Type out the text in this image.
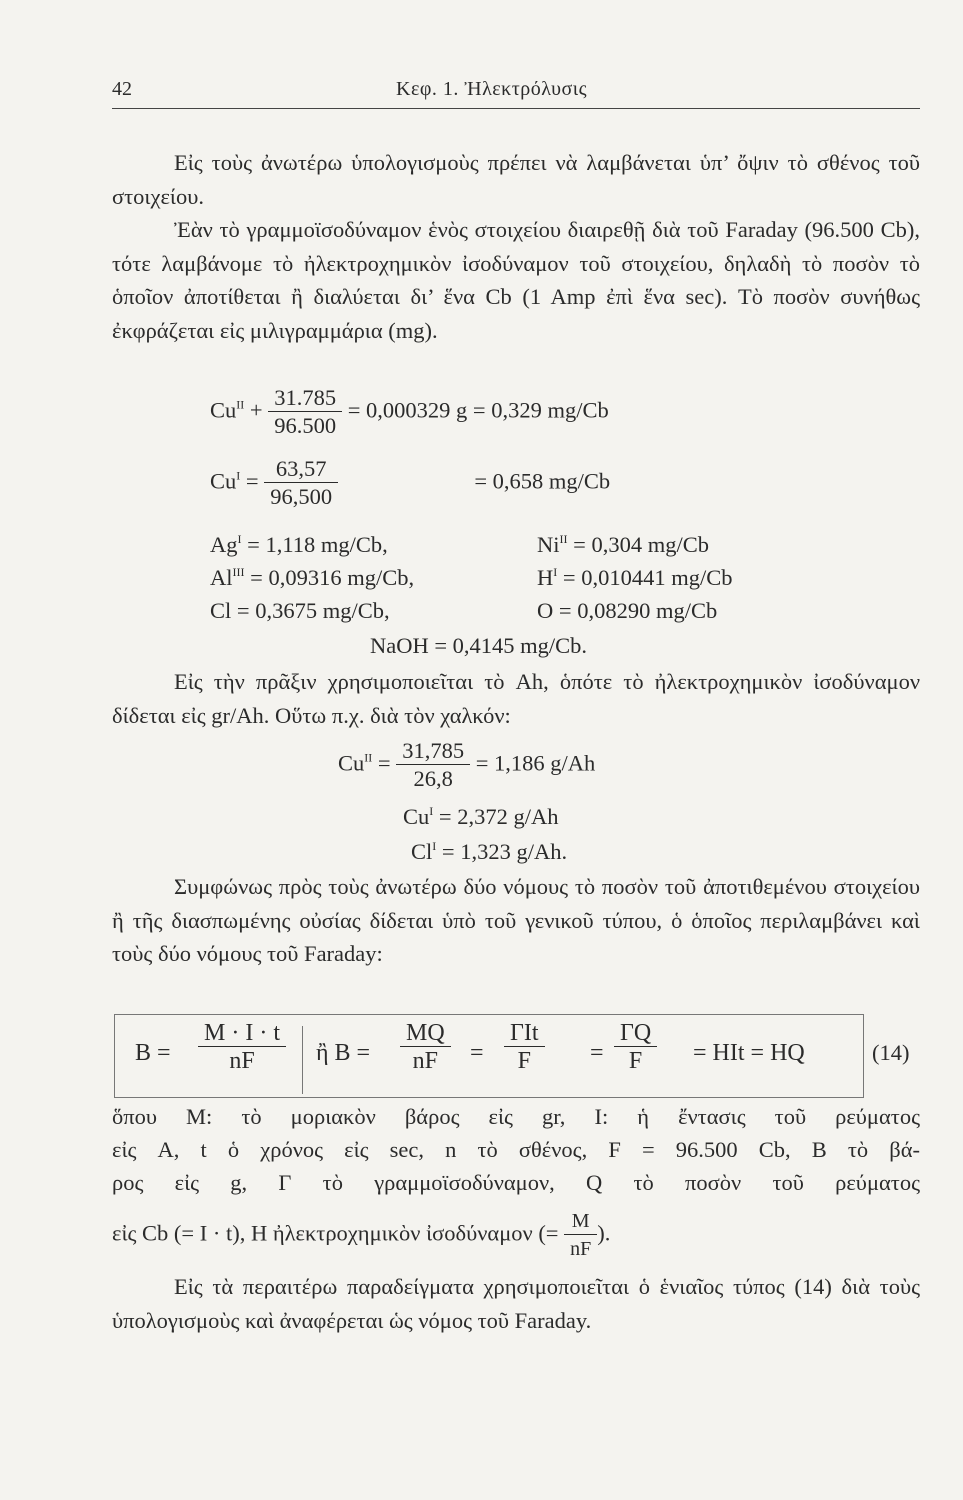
42	Κεφ. 1. Ἠλεκτρόλυσις

Εἰς τοὺς ἀνωτέρω ὑπολογισμοὺς πρέπει νὰ λαμβάνεται ὑπ’ ὄψιν τὸ σθένος τοῦ στοιχείου.

Ἐὰν τὸ γραμμοϊσοδύναμον ἑνὸς στοιχείου διαιρεθῇ διὰ τοῦ Faraday (96.500 Cb), τότε λαμβάνομε τὸ ἠλεκτροχημικὸν ἰσοδύναμον τοῦ στοιχείου, δηλαδὴ τὸ ποσὸν τὸ ὁποῖον ἀποτίθεται ἢ διαλύεται δι’ ἕνα Cb (1 Amp ἐπὶ ἕνα sec). Τὸ ποσὸν συνήθως ἐκφράζεται εἰς μιλιγραμμάρια (mg).

$Cu^{II} + \frac{31.785}{96.500} = 0,000329$ g = 0,329 mg/Cb
$Cu^I = \frac{63,57}{96,500}$	= 0,658 mg/Cb
$Ag^I = 1,118$ mg/Cb,	$Ni^{II} = 0,304$ mg/Cb
$Al^{III} = 0,09316$ mg/Cb,	$H^I = 0,010441$ mg/Cb
Cl = 0,3675 mg/Cb,	O = 0,08290 mg/Cb
NaOH = 0,4145 mg/Cb.

Εἰς τὴν πρᾶξιν χρησιμοποιεῖται τὸ Ah, ὁπότε τὸ ἠλεκτροχημικὸν ἰσοδύναμον δίδεται εἰς gr/Ah. Οὕτω π.χ. διὰ τὸν χαλκόν:

$Cu^{II} = \frac{31,785}{26,8} = 1,186$ g/Ah
$Cu^I = 2,372$ g/Ah
$Cl^I = 1,323$ g/Ah.

Συμφώνως πρὸς τοὺς ἀνωτέρω δύο νόμους τὸ ποσὸν τοῦ ἀποτιθεμένου στοιχείου ἢ τῆς διασπωμένης οὐσίας δίδεται ὑπὸ τοῦ γενικοῦ τύπου, ὁ ὁποῖος περιλαμβάνει καὶ τοὺς δύο νόμους τοῦ Faraday:

$B = \frac{M \cdot I \cdot t}{nF}$ ἢ $B = \frac{MQ}{nF} = \frac{\text{ΓIt}}{F} = \frac{\Gamma Q}{F}$ = HIt = HQ	(14)
ὅπου M: τὸ μοριακὸν βάρος εἰς gr, I: ἡ ἔντασις τοῦ ρεύματος
εἰς A, t ὁ χρόνος εἰς sec, n τὸ σθένος, F = 96.500 Cb, B τὸ βά-
ρος εἰς g, Γ τὸ γραμμοϊσοδύναμον, Q τὸ ποσὸν τοῦ ρεύματος
εἰς Cb (= I · t), H ἠλεκτροχημικὸν ἰσοδύναμον (= $\frac{M}{nF}$ ).

Εἰς τὰ περαιτέρω παραδείγματα χρησιμοποιεῖται ὁ ἑνιαῖος τύπος (14) διὰ τοὺς ὑπολογισμοὺς καὶ ἀναφέρεται ὡς νόμος τοῦ Faraday.
